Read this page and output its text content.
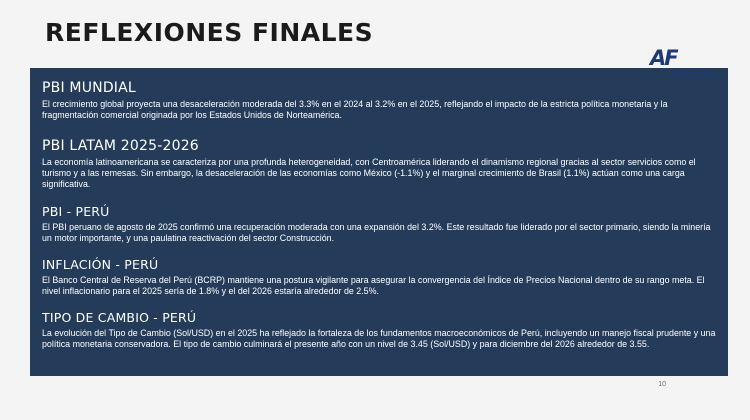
REFLEXIONES FINALES
AF
ASFINSA
PBI MUNDIAL

El crecimiento global proyecta una desaceleración moderada del 3.3% en el 2024 al 3.2% en el 2025, reflejando el impacto de la estricta política monetaria y la fragmentación comercial originada por los Estados Unidos de Norteamérica.

PBI LATAM 2025-2026

La economía latinoamericana se caracteriza por una profunda heterogeneidad, con Centroamérica liderando el dinamismo regional gracias al sector servicios como el turismo y a las remesas. Sin embargo, la desaceleración de las economías como México (-1.1%) y el marginal crecimiento de Brasil (1.1%) actúan como una carga significativa.

PBI - PERÚ

El PBI peruano de agosto de 2025 confirmó una recuperación moderada con una expansión del 3.2%. Este resultado fue liderado por el sector primario, siendo la minería un motor importante, y una paulatina reactivación del sector Construcción.

INFLACIÓN - PERÚ

El Banco Central de Reserva del Perú (BCRP) mantiene una postura vigilante para asegurar la convergencia del Índice de Precios Nacional dentro de su rango meta. El nivel inflacionario para el 2025 sería de 1.8% y el del 2026 estaría alrededor de 2.5%.

TIPO DE CAMBIO - PERÚ

La evolución del Tipo de Cambio (Sol/USD) en el 2025 ha reflejado la fortaleza de los fundamentos macroeconómicos de Perú, incluyendo un manejo fiscal prudente y una política monetaria conservadora. El tipo de cambio culminará el presente año con un nivel de 3.45 (Sol/USD) y para diciembre del 2026 alrededor de 3.55.

10
